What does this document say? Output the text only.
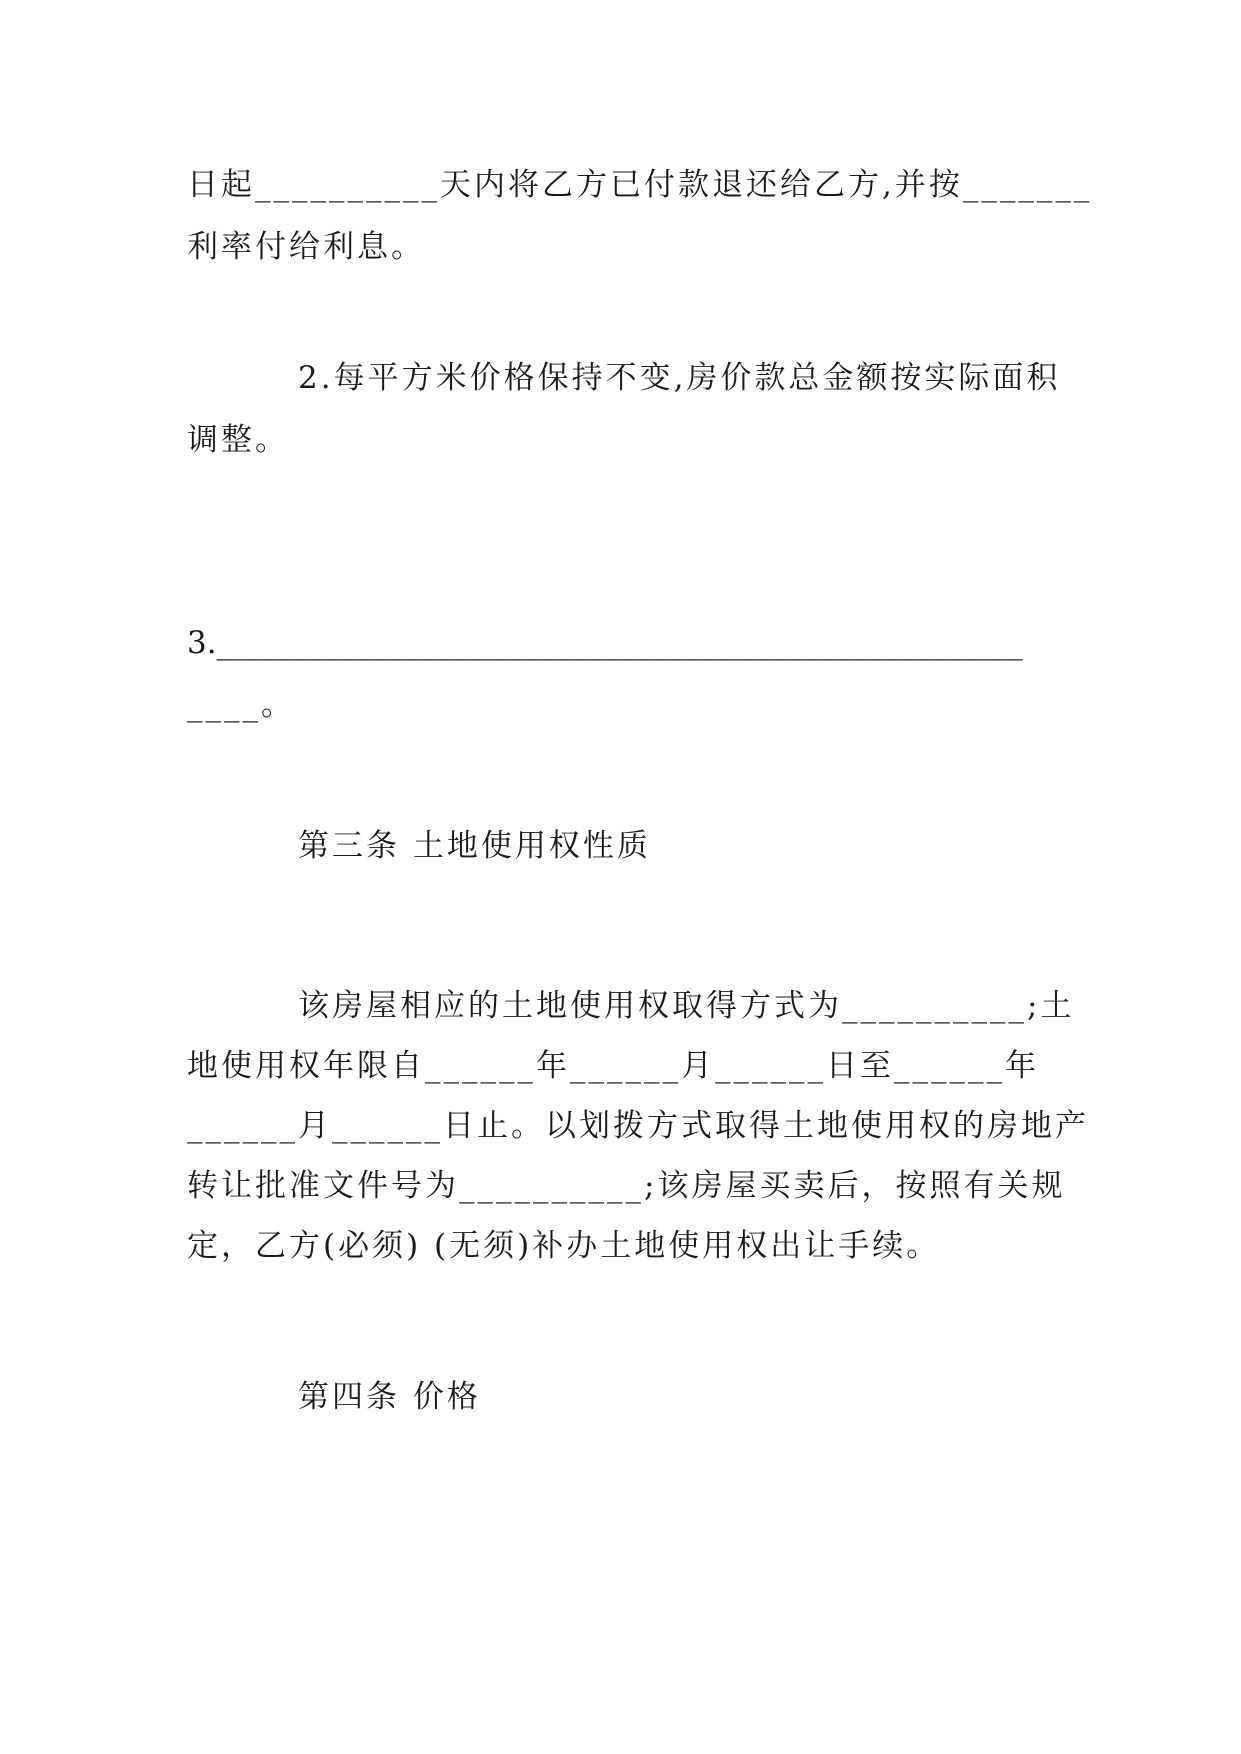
日起__________天内将乙方已付款退还给乙方,并按_______
利率付给利息。
2.每平方米价格保持不变,房价款总金额按实际面积
调整。
3.____________________________________________________
____。
第三条 土地使用权性质
该房屋相应的土地使用权取得方式为__________;土
地使用权年限自______年______月______日至______年
______月______日止。以划拨方式取得土地使用权的房地产
转让批准文件号为__________;该房屋买卖后，按照有关规
定，乙方(必须) (无须)补办土地使用权出让手续。
第四条 价格
